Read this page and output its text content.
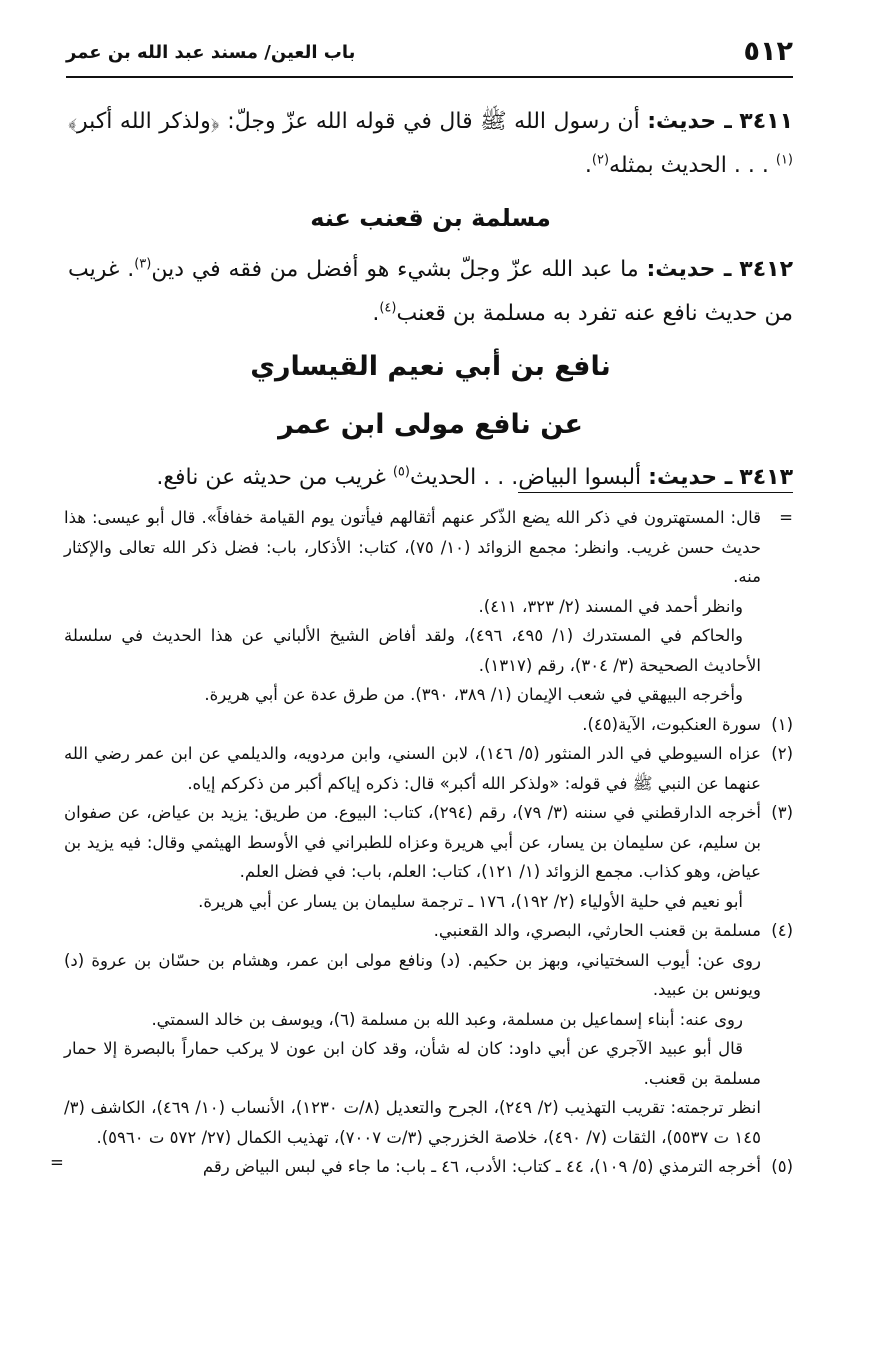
٥١٢
باب العين/ مسند عبد الله بن عمر

٣٤١١ ـ حديث: أن رسول الله ﷺ قال في قوله الله عزّ وجلّ: ﴿ولذكر الله أكبر﴾$^{(١)}$ . . . الحديث بمثله$^{(٢)}$.

مسلمة بن قعنب عنه

٣٤١٢ ـ حديث: ما عبد الله عزّ وجلّ بشيء هو أفضل من فقه في دين$^{(٣)}$. غريب من حديث نافع عنه تفرد به مسلمة بن قعنب$^{(٤)}$.

نافع بن أبي نعيم القيساري
عن نافع مولى ابن عمر

٣٤١٣ ـ حديث: ألبسوا البياض. . . الحديث$^{(٥)}$ غريب من حديثه عن نافع.

=

قال: المستهترون في ذكر الله يضع الذّكر عنهم أثقالهم فيأتون يوم القيامة خفافاً». قال أبو عيسى: هذا حديث حسن غريب. وانظر: مجمع الزوائد (١٠/ ٧٥)، كتاب: الأذكار، باب: فضل ذكر الله تعالى والإكثار منه.

وانظر أحمد في المسند (٢/ ٣٢٣، ٤١١).

والحاكم في المستدرك (١/ ٤٩٥، ٤٩٦)، ولقد أفاض الشيخ الألباني عن هذا الحديث في سلسلة الأحاديث الصحيحة (٣/ ٣٠٤)، رقم (١٣١٧).

وأخرجه البيهقي في شعب الإيمان (١/ ٣٨٩، ٣٩٠). من طرق عدة عن أبي هريرة.

(١)

سورة العنكبوت، الآية(٤٥).

(٢)

عزاه السيوطي في الدر المنثور (٥/ ١٤٦)، لابن السني، وابن مردويه، والديلمي عن ابن عمر رضي الله عنهما عن النبي ﷺ في قوله: «ولذكر الله أكبر» قال: ذكره إياكم أكبر من ذكركم إياه.

(٣)

أخرجه الدارقطني في سننه (٣/ ٧٩)، رقم (٢٩٤)، كتاب: البيوع. من طريق: يزيد بن عياض، عن صفوان بن سليم، عن سليمان بن يسار، عن أبي هريرة وعزاه للطبراني في الأوسط الهيثمي وقال: فيه يزيد بن عياض، وهو كذاب. مجمع الزوائد (١/ ١٢١)، كتاب: العلم، باب: في فضل العلم.

أبو نعيم في حلية الأولياء (٢/ ١٩٢)، ١٧٦ ـ ترجمة سليمان بن يسار عن أبي هريرة.

(٤)

مسلمة بن قعنب الحارثي، البصري، والد القعنبي.

روى عن: أيوب السختياني، وبهز بن حكيم. (د) ونافع مولى ابن عمر، وهشام بن حسّان بن عروة (د) ويونس بن عبيد.

روى عنه: أبناء إسماعيل بن مسلمة، وعبد الله بن مسلمة (٦)، ويوسف بن خالد السمتي.

قال أبو عبيد الآجري عن أبي داود: كان له شأن، وقد كان ابن عون لا يركب حماراً بالبصرة إلا حمار مسلمة بن قعنب.

انظر ترجمته: تقريب التهذيب (٢/ ٢٤٩)، الجرح والتعديل (٨/ت ١٢٣٠)، الأنساب (١٠/ ٤٦٩)، الكاشف (٣/ ١٤٥ ت ٥٥٣٧)، الثقات (٧/ ٤٩٠)، خلاصة الخزرجي (٣/ت ٧٠٠٧)، تهذيب الكمال (٢٧/ ٥٧٢ ت ٥٩٦٠).

(٥)

أخرجه الترمذي (٥/ ١٠٩)، ٤٤ ـ كتاب: الأدب، ٤٦ ـ باب: ما جاء في لبس البياض رقم

=
